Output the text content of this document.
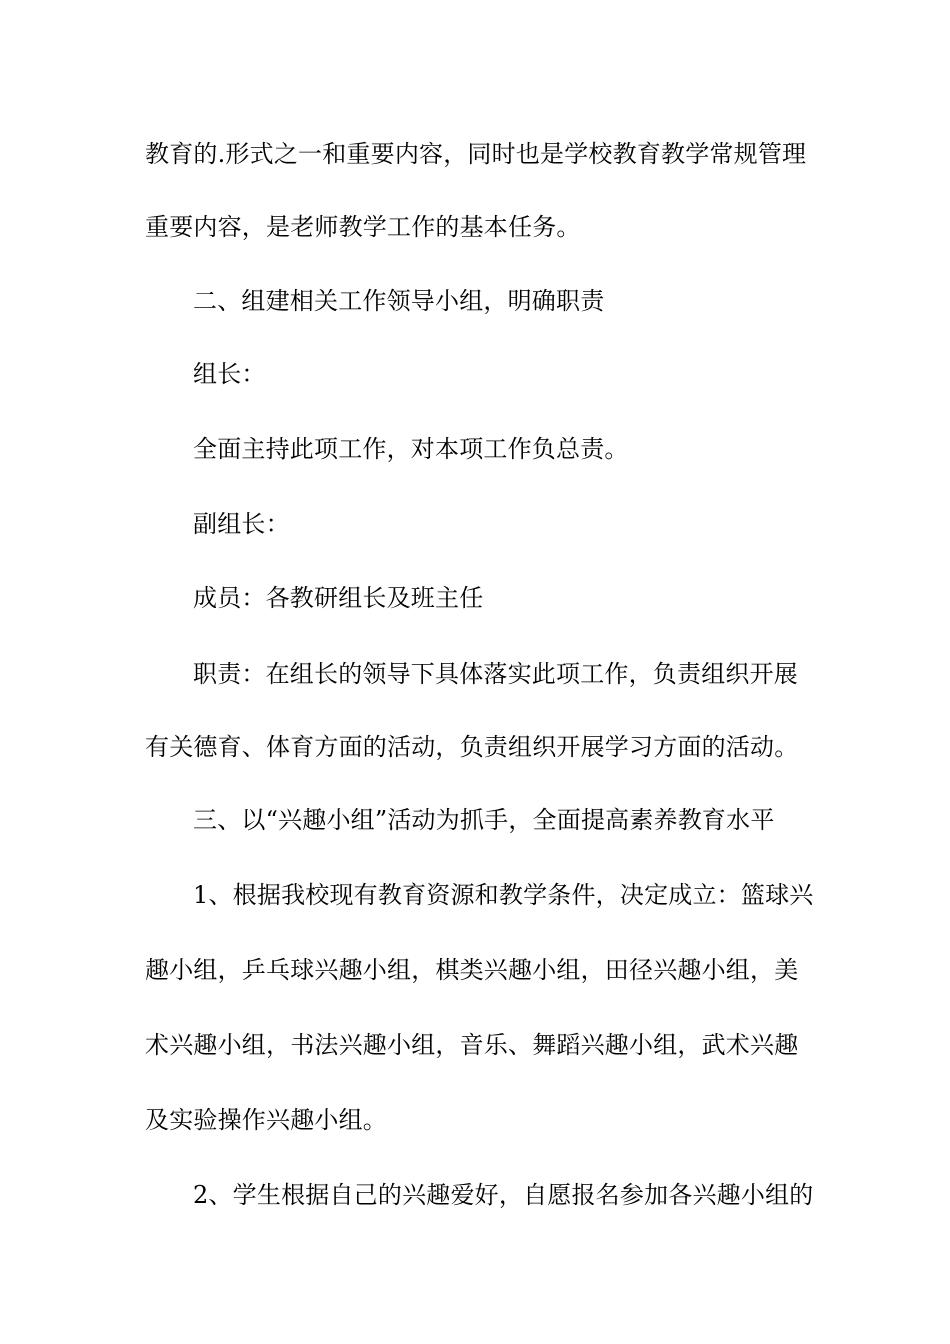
教育的.形式之一和重要内容，同时也是学校教育教学常规管理
重要内容，是老师教学工作的基本任务。
二、组建相关工作领导小组，明确职责
组长：
全面主持此项工作，对本项工作负总责。
副组长：
成员：各教研组长及班主任
职责：在组长的领导下具体落实此项工作，负责组织开展
有关德育、体育方面的活动，负责组织开展学习方面的活动。
三、以“兴趣小组”活动为抓手，全面提高素养教育水平
1、根据我校现有教育资源和教学条件，决定成立：篮球兴
趣小组，乒乓球兴趣小组，棋类兴趣小组，田径兴趣小组，美
术兴趣小组，书法兴趣小组，音乐、舞蹈兴趣小组，武术兴趣
及实验操作兴趣小组。
2、学生根据自己的兴趣爱好，自愿报名参加各兴趣小组的
